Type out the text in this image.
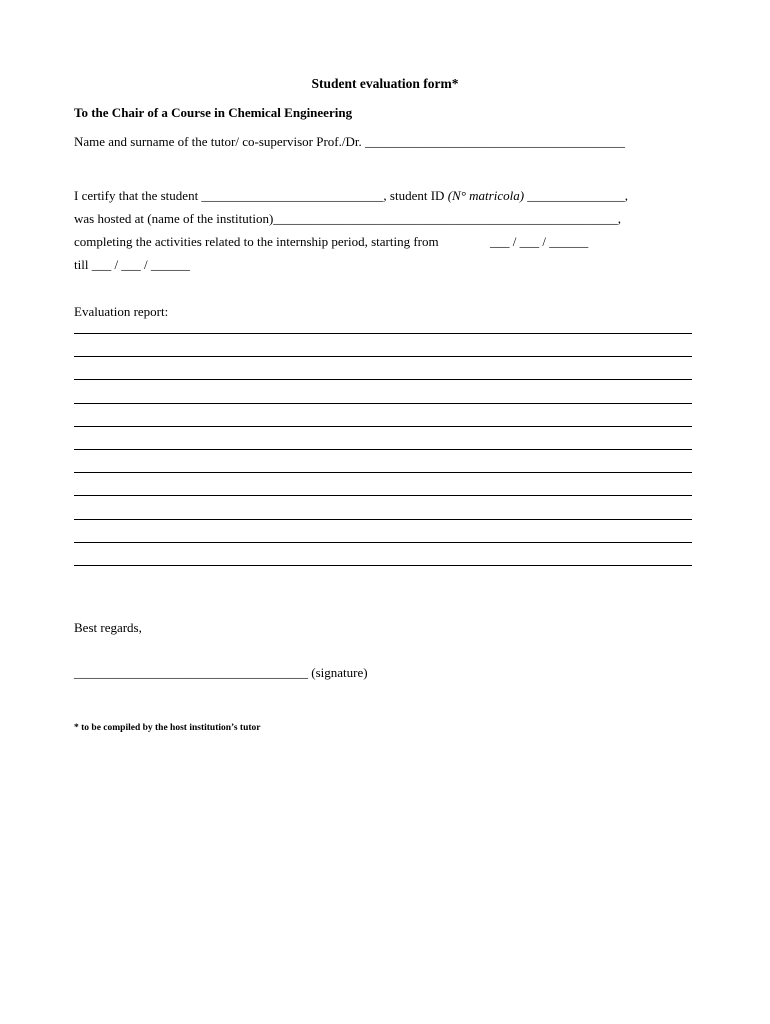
Student evaluation form*
To the Chair of a Course in Chemical Engineering
Name and surname of the tutor/ co-supervisor Prof./Dr. ________________________________________
I certify that the student ____________________________, student ID (N° matricola) _______________,
was hosted at (name of the institution)_____________________________________________________,
completing the activities related to the internship period, starting from	___ / ___ / ______
till ___ / ___ / ______
Evaluation report:
Best regards,
____________________________________ (signature)
* to be compiled by the host institution’s tutor
